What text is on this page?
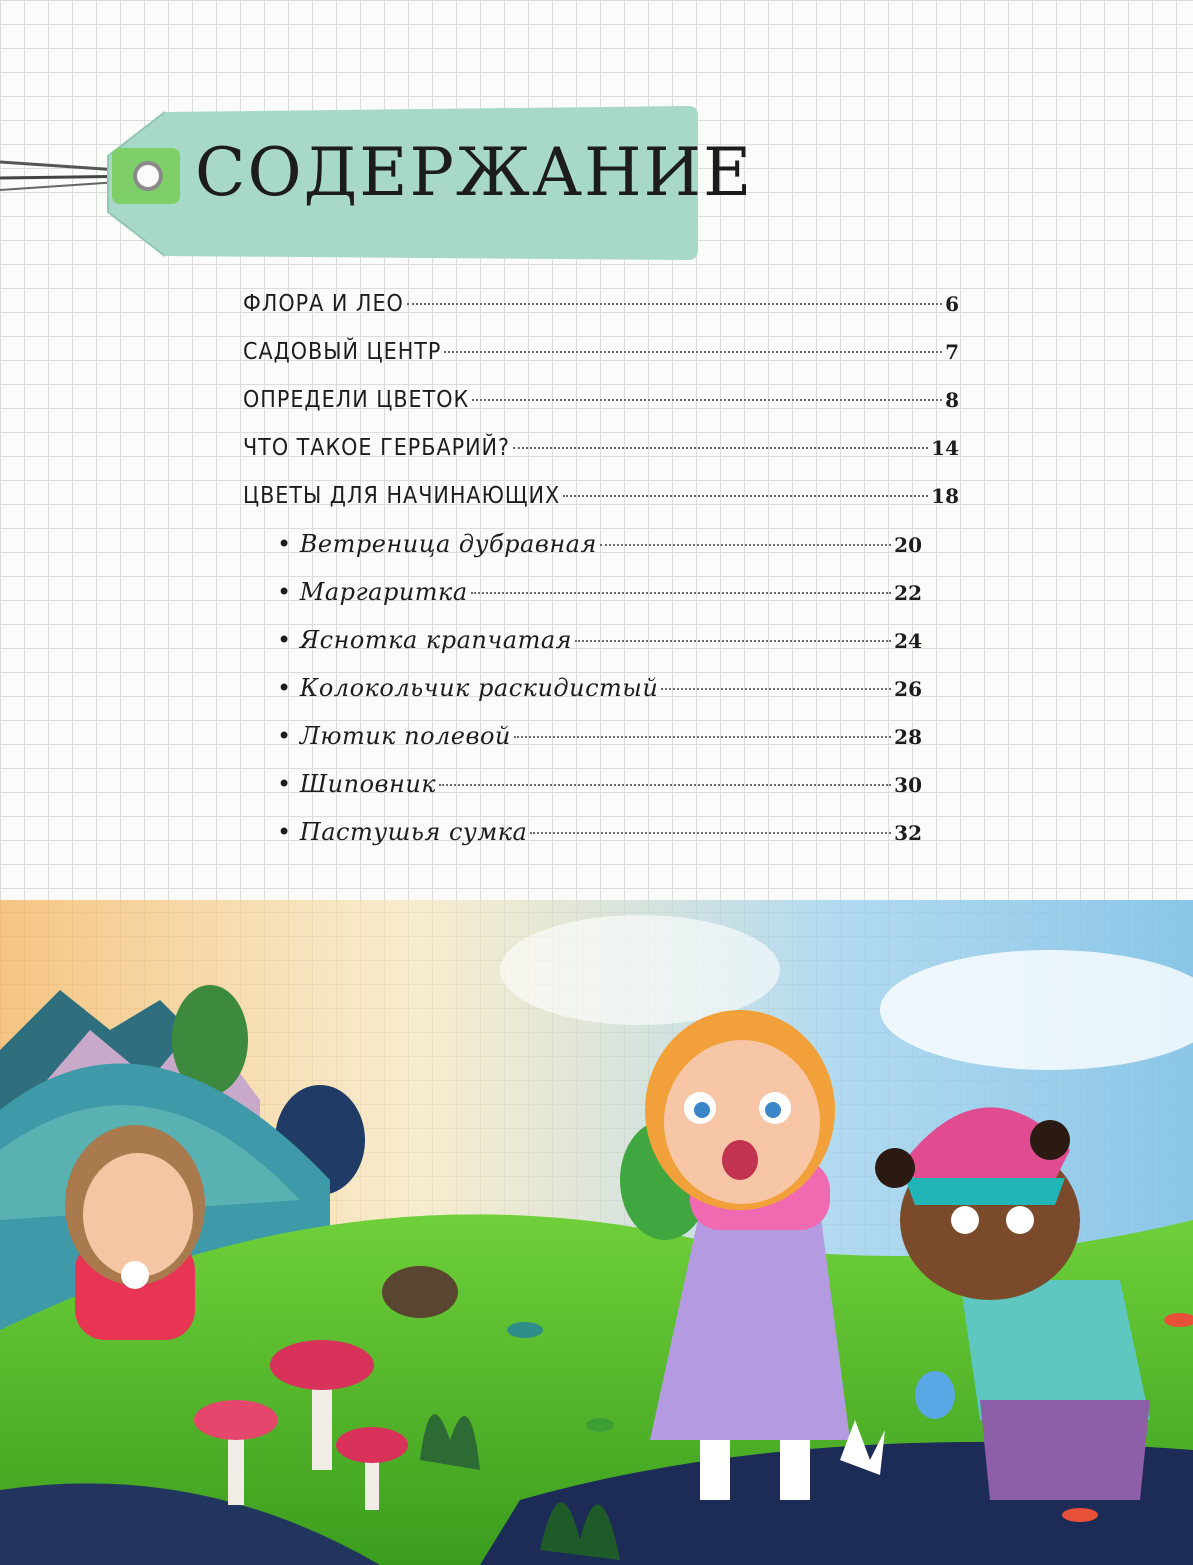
СОДЕРЖАНИЕ
ФЛОРА И ЛЕО	6
САДОВЫЙ ЦЕНТР	7
ОПРЕДЕЛИ ЦВЕТОК	8
ЧТО ТАКОЕ ГЕРБАРИЙ?	14
ЦВЕТЫ ДЛЯ НАЧИНАЮЩИХ	18
• Ветреница дубравная	20
• Маргаритка	22
• Яснотка крапчатая	24
• Колокольчик раскидистый	26
• Лютик полевой	28
• Шиповник	30
• Пастушья сумка	32
